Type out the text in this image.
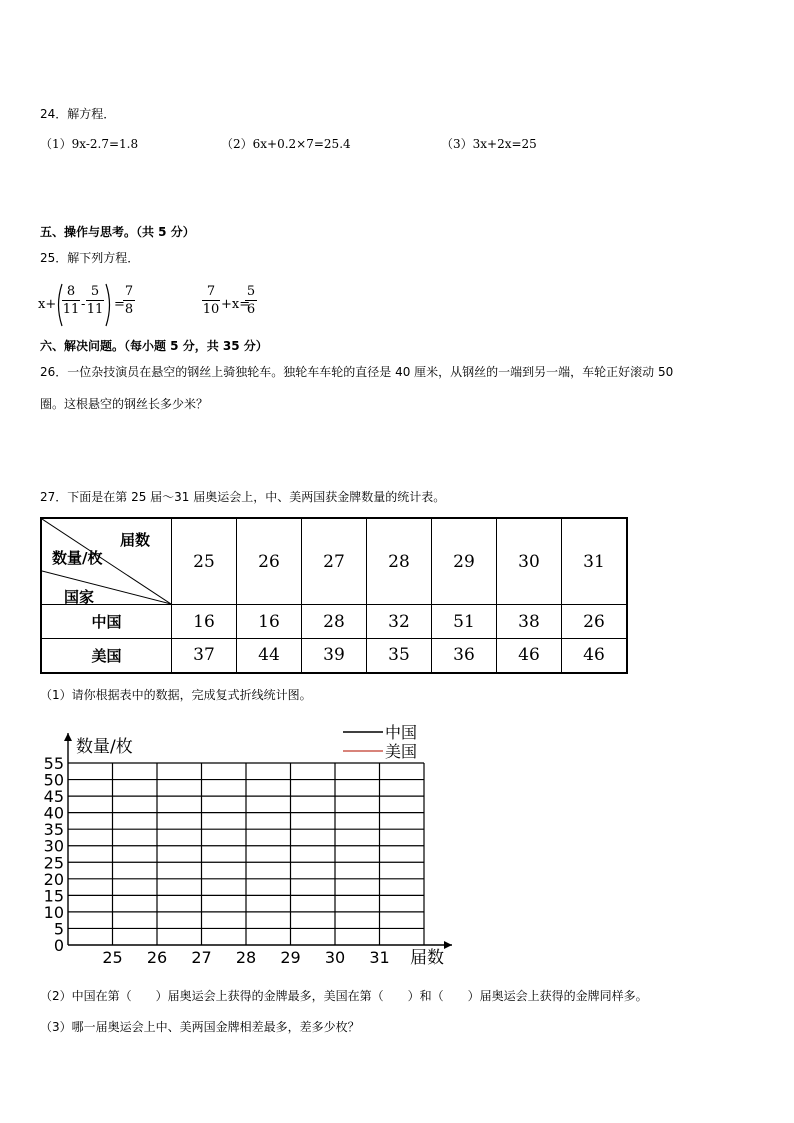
24．解方程．
（1）9x-2.7=1.8	（2）6x+0.2×7=25.4	（3）3x+2x=25
五、操作与思考。（共 5 分）
25．解下列方程．
x+
8
11 -
5
11 =
7
8
7
10 +x=
5
6
六、解决问题。（每小题 5 分，共 35 分）
26．一位杂技演员在悬空的钢丝上骑独轮车。独轮车车轮的直径是 40 厘米，从钢丝的一端到另一端，车轮正好滚动 50
圈。这根悬空的钢丝长多少米？
27．下面是在第 25 届～31 届奥运会上，中、美两国获金牌数量的统计表。
届数
数量/枚
国家	25	26	27	28	29	30	31
中国	16	16	28	32	51	38	26
美国	37	44	39	35	36	46	46
（1）请你根据表中的数据，完成复式折线统计图。
0
5
10
15
20
25
30
35
40
45
50
55
25 26 27 28 29 30 31
数量/枚
届数
中国
美国
（2）中国在第（　　）届奥运会上获得的金牌最多，美国在第（　　）和（　　）届奥运会上获得的金牌同样多。
（3）哪一届奥运会上中、美两国金牌相差最多，差多少枚？
